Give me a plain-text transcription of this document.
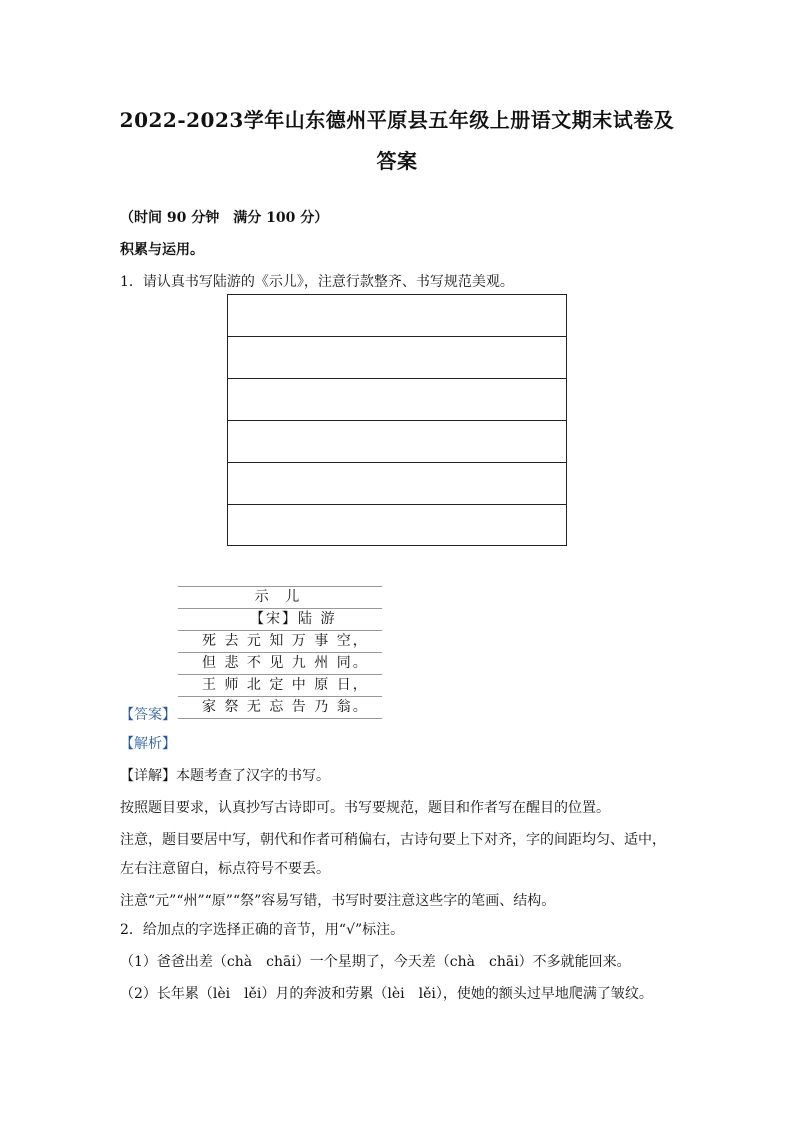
2022-2023学年山东德州平原县五年级上册语文期末试卷及
答案
（时间 90 分钟　满分 100 分）
积累与运用。
1．请认真书写陆游的《示儿》，注意行款整齐、书写规范美观。
示 儿
【宋】陆 游
死 去 元 知 万 事 空，
但 悲 不 见 九 州 同。
王 师 北 定 中 原 日，
家 祭 无 忘 告 乃 翁。
【答案】
【解析】
【详解】本题考查了汉字的书写。
按照题目要求，认真抄写古诗即可。书写要规范，题目和作者写在醒目的位置。
注意，题目要居中写，朝代和作者可稍偏右，古诗句要上下对齐，字的间距均匀、适中，
左右注意留白，标点符号不要丢。
注意“元”“州”“原”“祭”容易写错，书写时要注意这些字的笔画、结构。
2．给加点的字选择正确的音节，用“√”标注。
（1）爸爸出差（chà　chāi）一个星期了，今天差（chà　chāi）不多就能回来。
（2）长年累（lèi　lěi）月的奔波和劳累（lèi　lěi），使她的额头过早地爬满了皱纹。
